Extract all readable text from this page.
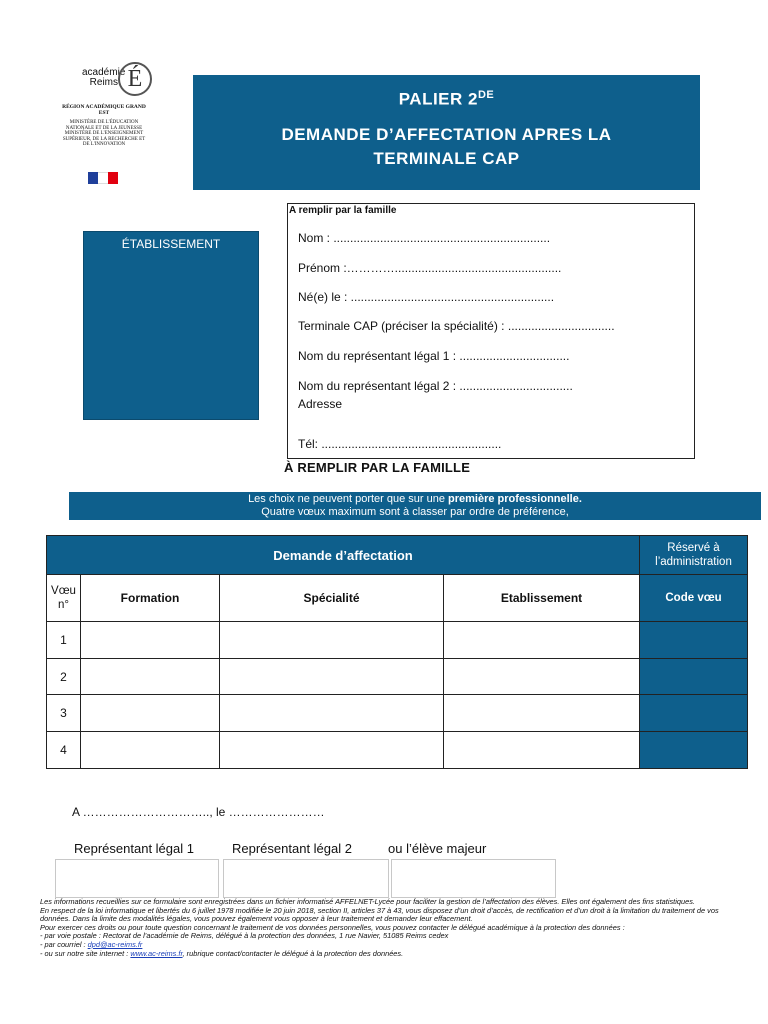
académie
Reims É
RÉGION ACADÉMIQUE GRAND EST
MINISTÈRE DE L'ÉDUCATION NATIONALE ET DE LA JEUNESSE MINISTÈRE DE L'ENSEIGNEMENT SUPÉRIEUR, DE LA RECHERCHE ET DE L'INNOVATION
PALIER 2DE
DEMANDE D’AFFECTATION APRES LA TERMINALE CAP
ÉTABLISSEMENT
A remplir par la famille
Nom : .................................................................
Prénom :…………..................................................
Né(e) le : .............................................................
Terminale CAP (préciser la spécialité) : ................................
Nom du représentant légal 1 : .................................
Nom du représentant légal 2 : ..................................
Adresse
Tél: ......................................................
À REMPLIR PAR LA FAMILLE
Les choix ne peuvent porter que sur une première professionnelle.
Quatre vœux maximum sont à classer par ordre de préférence,
Demande d’affectation				Réservé à l’administration
Vœu n°	Formation	Spécialité	Etablissement	Code vœu
1				
2				
3				
4				
A ………………………….., le ……………………
Représentant légal 1	Représentant légal 2	ou l’élève majeur

Les informations recueillies sur ce formulaire sont enregistrées dans un fichier informatisé AFFELNET-Lycée pour faciliter la gestion de l’affectation des élèves. Elles ont également des fins statistiques.

En respect de la loi informatique et libertés du 6 juillet 1978 modifiée le 20 juin 2018, section II, articles 37 à 43, vous disposez d’un droit d’accès, de rectification et d’un droit à la limitation du traitement de vos données. Dans la limite des modalités légales, vous pouvez également vous opposer à leur traitement et demander leur effacement.

Pour exercer ces droits ou pour toute question concernant le traitement de vos données personnelles, vous pouvez contacter le délégué académique à la protection des données :

- par voie postale : Rectorat de l’académie de Reims, délégué à la protection des données, 1 rue Navier, 51085 Reims cedex

- par courriel : dpd@ac-reims.fr

- ou sur notre site internet : www.ac-reims.fr, rubrique contact/contacter le délégué à la protection des données.
